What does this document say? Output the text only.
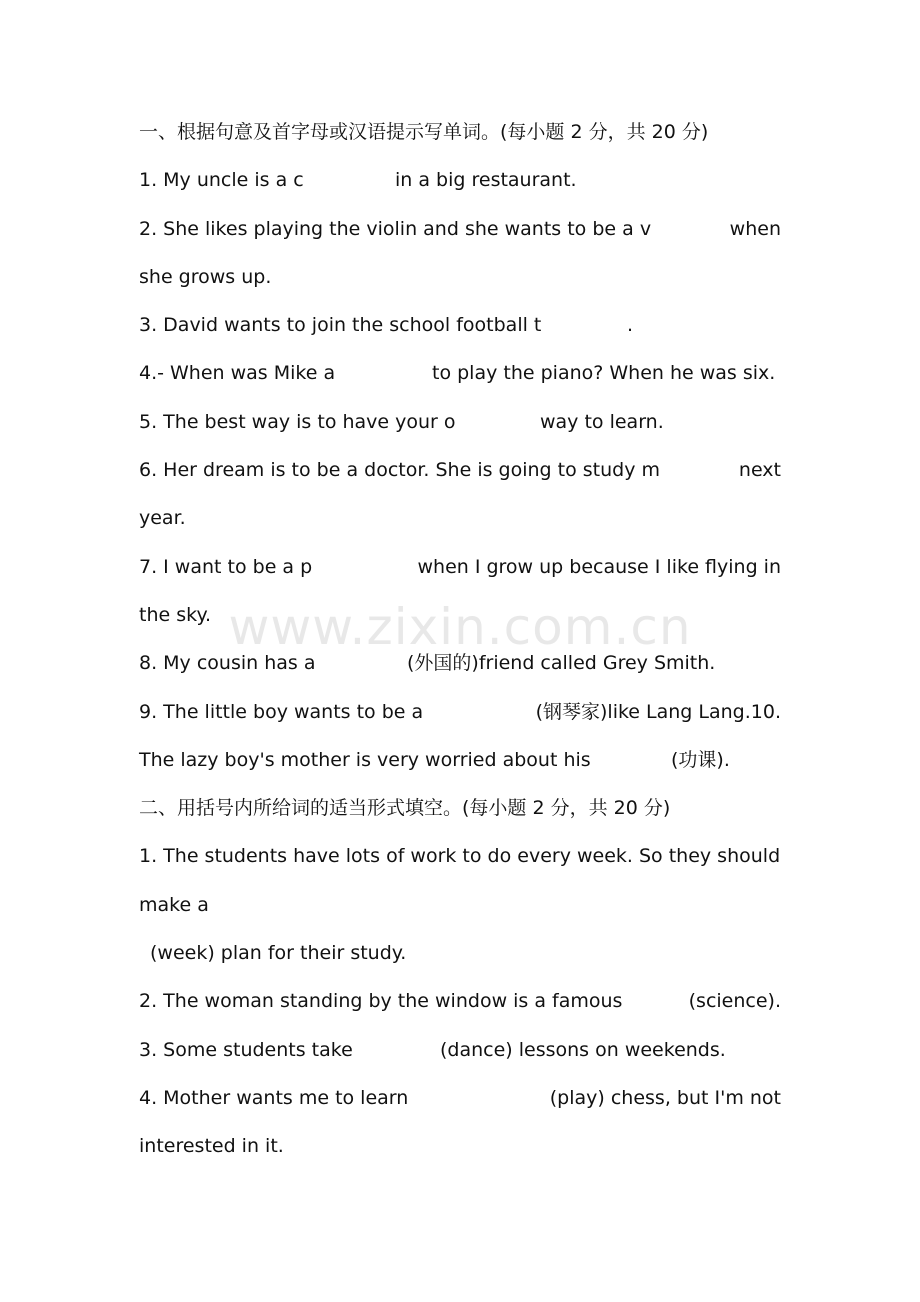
一、根据句意及首字母或汉语提示写单词。(每小题 2 分，共 20 分)
1. My uncle is a c	in a big restaurant.
2. She likes playing the violin and she wants to be a v	when
she grows up.
3. David wants to join the school football t	.
4.- When was Mike a	to play the piano? When he was six.
5. The best way is to have your o	way to learn.
6. Her dream is to be a doctor. She is going to study m	next
year.
7. I want to be a p	when I grow up because I like flying in
the sky.
8. My cousin has a	(外国的)friend called Grey Smith.
9. The little boy wants to be a	(钢琴家)like Lang Lang.10.
The lazy boy's mother is very worried about his	(功课).
二、用括号内所给词的适当形式填空。(每小题 2 分，共 20 分)
1. The students have lots of work to do every week. So they should
make a
(week) plan for their study.
2. The woman standing by the window is a famous	(science).
3. Some students take	(dance) lessons on weekends.
4. Mother wants me to learn	(play) chess, but I'm not
interested in it.
www.zixin.com.cn
